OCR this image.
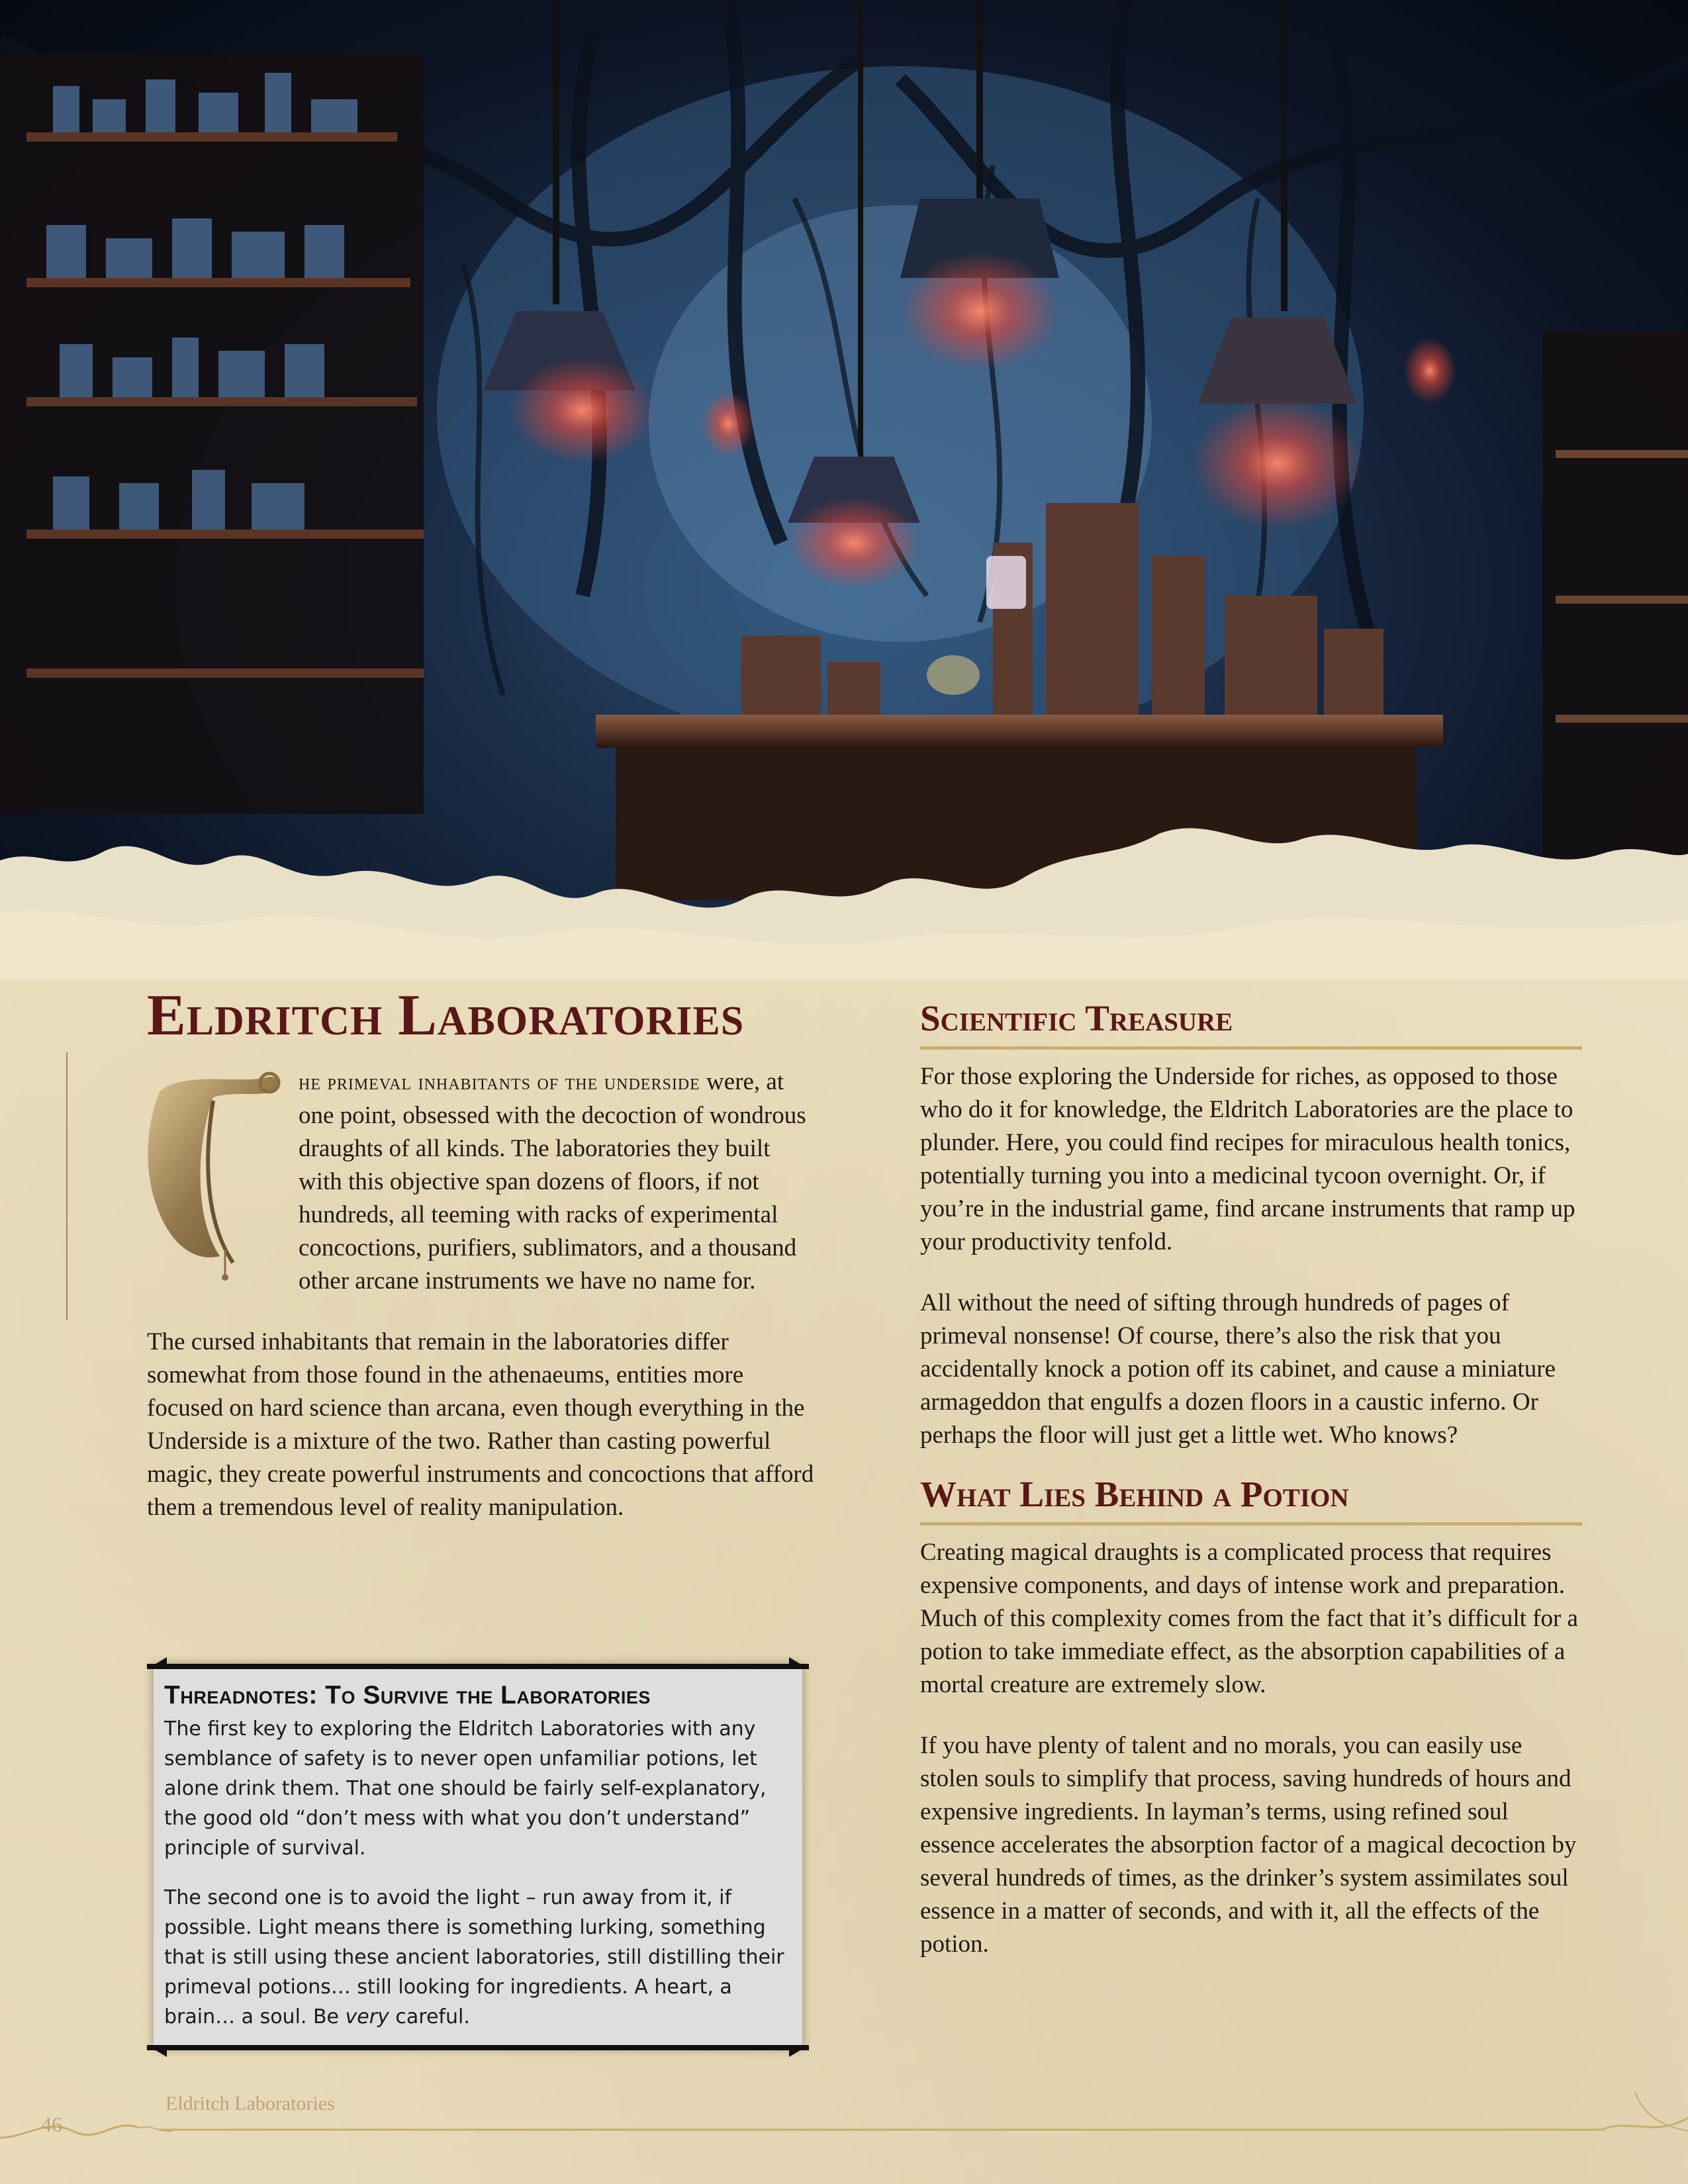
Eldritch Laboratories
T

he primeval inhabitants of the underside were, at one point, obsessed with the decoction of wondrous draughts of all kinds. The laboratories they built with this objective span dozens of floors, if not hundreds, all teeming with racks of experimental concoctions, purifiers, sublimators, and a thousand other arcane instruments we have no name for.

The cursed inhabitants that remain in the laboratories differ somewhat from those found in the athenaeums, entities more focused on hard science than arcana, even though everything in the Underside is a mixture of the two. Rather than casting powerful magic, they create powerful instruments and concoctions that afford them a tremendous level of reality manipulation.

Threadnotes: To Survive the Laboratories

The first key to exploring the Eldritch Laboratories with any semblance of safety is to never open unfamiliar potions, let alone drink them. That one should be fairly self-explanatory, the good old “don’t mess with what you don’t understand” principle of survival.

The second one is to avoid the light – run away from it, if possible. Light means there is something lurking, something that is still using these ancient laboratories, still distilling their primeval potions… still looking for ingredients. A heart, a brain… a soul. Be very careful.

Scientific Treasure

For those exploring the Underside for riches, as opposed to those who do it for knowledge, the Eldritch Laboratories are the place to plunder. Here, you could find recipes for miraculous health tonics, potentially turning you into a medicinal tycoon overnight. Or, if you’re in the industrial game, find arcane instruments that ramp up your productivity tenfold.

All without the need of sifting through hundreds of pages of primeval nonsense! Of course, there’s also the risk that you accidentally knock a potion off its cabinet, and cause a miniature armageddon that engulfs a dozen floors in a caustic inferno. Or perhaps the floor will just get a little wet. Who knows?

What Lies Behind a Potion

Creating magical draughts is a complicated process that requires expensive components, and days of intense work and preparation. Much of this complexity comes from the fact that it’s difficult for a potion to take immediate effect, as the absorption capabilities of a mortal creature are extremely slow.

If you have plenty of talent and no morals, you can easily use stolen souls to simplify that process, saving hundreds of hours and expensive ingredients. In layman’s terms, using refined soul essence accelerates the absorption factor of a magical decoction by several hundreds of times, as the drinker’s system assimilates soul essence in a matter of seconds, and with it, all the effects of the potion.

Eldritch Laboratories
46
